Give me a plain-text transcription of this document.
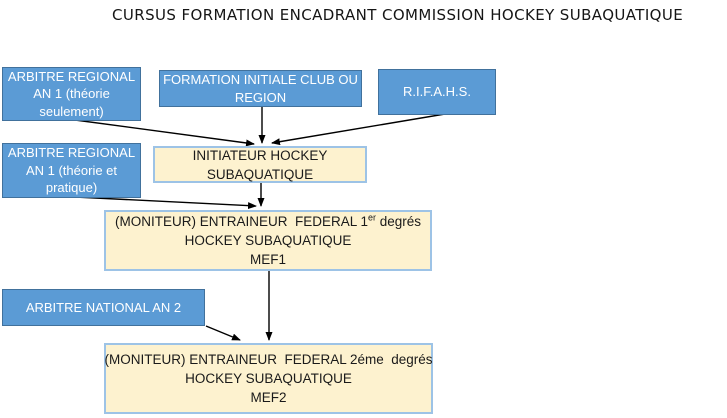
CURSUS FORMATION ENCADRANT COMMISSION HOCKEY SUBAQUATIQUE
ARBITRE REGIONAL
AN 1 (théorie
seulement)
FORMATION INITIALE CLUB OU
REGION	R.I.F.A.H.S.
ARBITRE REGIONAL
AN 1 (théorie et
pratique)
INITIATEUR HOCKEY
SUBAQUATIQUE
(MONITEUR) ENTRAINEUR  FEDERAL 1er degrés
HOCKEY SUBAQUATIQUE
MEF1
ARBITRE NATIONAL AN 2
(MONITEUR) ENTRAINEUR  FEDERAL 2éme  degrés
HOCKEY SUBAQUATIQUE
MEF2
